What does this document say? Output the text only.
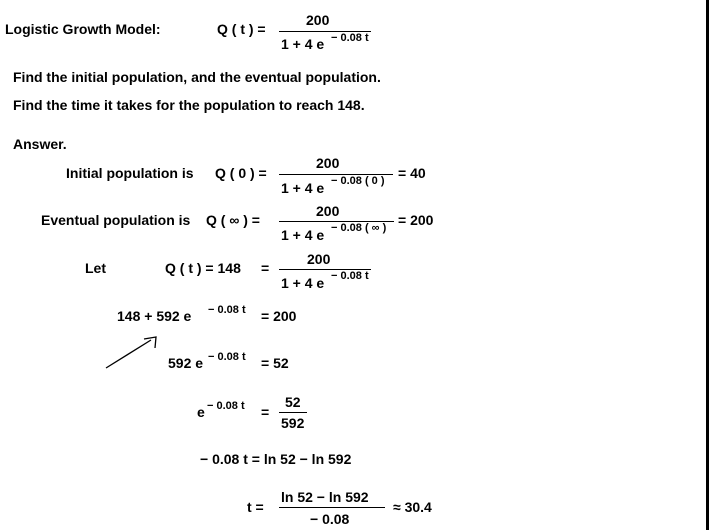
Logistic Growth Model:	Q ( t ) =
200
1 + 4 e − 0.08 t
Find the initial population, and the eventual population.
Find the time it takes for the population to reach 148.
Answer.
Initial population is Q ( 0 ) =
200
1 + 4 e − 0.08 ( 0 ) = 40
Eventual population is Q ( ∞ ) =
200
1 + 4 e − 0.08 ( ∞ ) = 200
Let	Q ( t ) = 148 =
200
1 + 4 e − 0.08 t
148 + 592 e − 0.08 t = 200
592 e − 0.08 t = 52
e − 0.08 t =
52
592
− 0.08 t = ln 52 − ln 592
t =
ln 52 − ln 592
− 0.08
≈ 30.4
